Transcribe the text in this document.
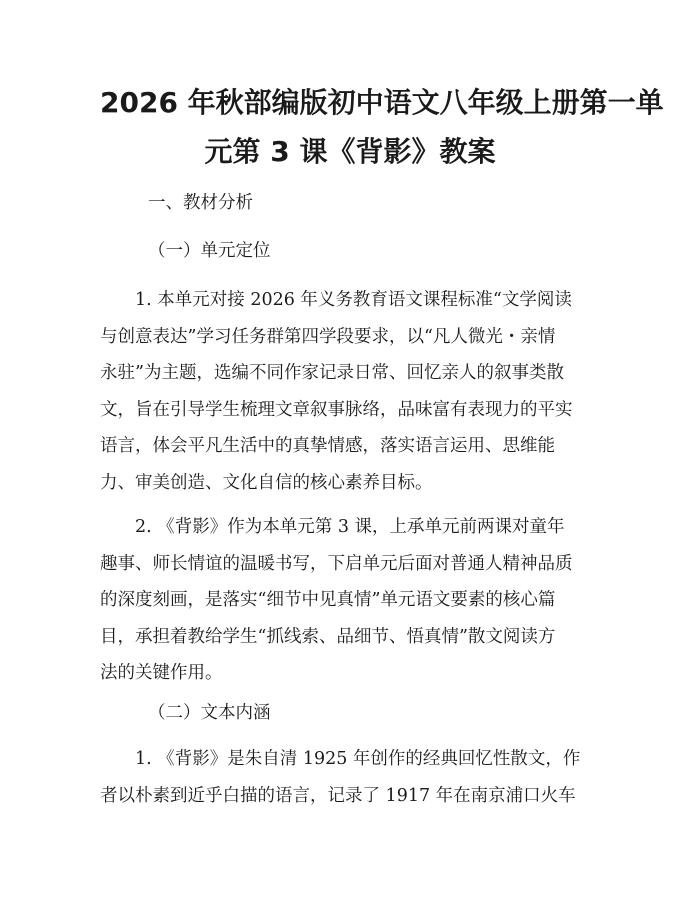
2026 年秋部编版初中语文八年级上册第一单
元第 3 课《背影》教案
一、教材分析
（一）单元定位
　　1. 本单元对接 2026 年义务教育语文课程标准“文学阅读
与创意表达”学习任务群第四学段要求，以“凡人微光・亲情
永驻”为主题，选编不同作家记录日常、回忆亲人的叙事类散
文，旨在引导学生梳理文章叙事脉络，品味富有表现力的平实
语言，体会平凡生活中的真挚情感，落实语言运用、思维能
力、审美创造、文化自信的核心素养目标。
　　2. 《背影》作为本单元第 3 课，上承单元前两课对童年
趣事、师长情谊的温暖书写，下启单元后面对普通人精神品质
的深度刻画，是落实“细节中见真情”单元语文要素的核心篇
目，承担着教给学生“抓线索、品细节、悟真情”散文阅读方
法的关键作用。
（二）文本内涵
　　1. 《背影》是朱自清 1925 年创作的经典回忆性散文，作
者以朴素到近乎白描的语言，记录了 1917 年在南京浦口火车
